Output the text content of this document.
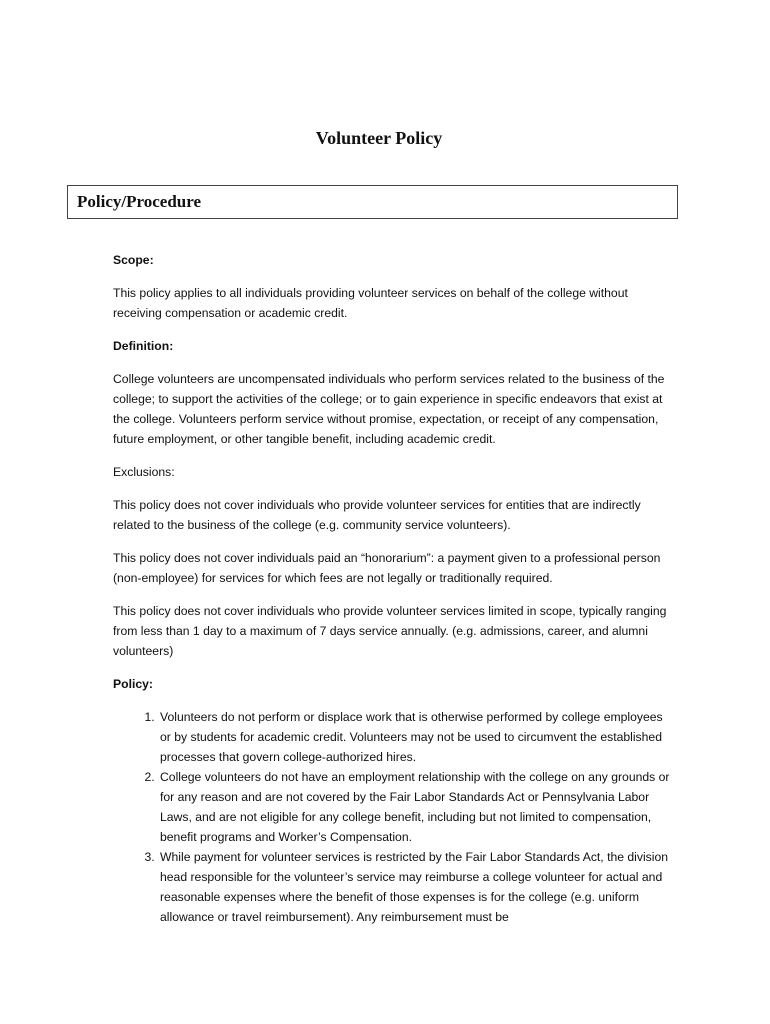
Volunteer Policy
Policy/Procedure

Scope:

This policy applies to all individuals providing volunteer services on behalf of the college without receiving compensation or academic credit.

Definition:

College volunteers are uncompensated individuals who perform services related to the business of the college; to support the activities of the college; or to gain experience in specific endeavors that exist at the college. Volunteers perform service without promise, expectation, or receipt of any compensation, future employment, or other tangible benefit, including academic credit.

Exclusions:

This policy does not cover individuals who provide volunteer services for entities that are indirectly related to the business of the college (e.g. community service volunteers).

This policy does not cover individuals paid an “honorarium”: a payment given to a professional person (non-employee) for services for which fees are not legally or traditionally required.

This policy does not cover individuals who provide volunteer services limited in scope, typically ranging from less than 1 day to a maximum of 7 days service annually. (e.g. admissions, career, and alumni volunteers)

Policy:

1. Volunteers do not perform or displace work that is otherwise performed by college employees or by students for academic credit. Volunteers may not be used to circumvent the established processes that govern college-authorized hires.
2. College volunteers do not have an employment relationship with the college on any grounds or for any reason and are not covered by the Fair Labor Standards Act or Pennsylvania Labor Laws, and are not eligible for any college benefit, including but not limited to compensation, benefit programs and Worker’s Compensation.
3. While payment for volunteer services is restricted by the Fair Labor Standards Act, the division head responsible for the volunteer’s service may reimburse a college volunteer for actual and reasonable expenses where the benefit of those expenses is for the college (e.g. uniform allowance or travel reimbursement). Any reimbursement must be
